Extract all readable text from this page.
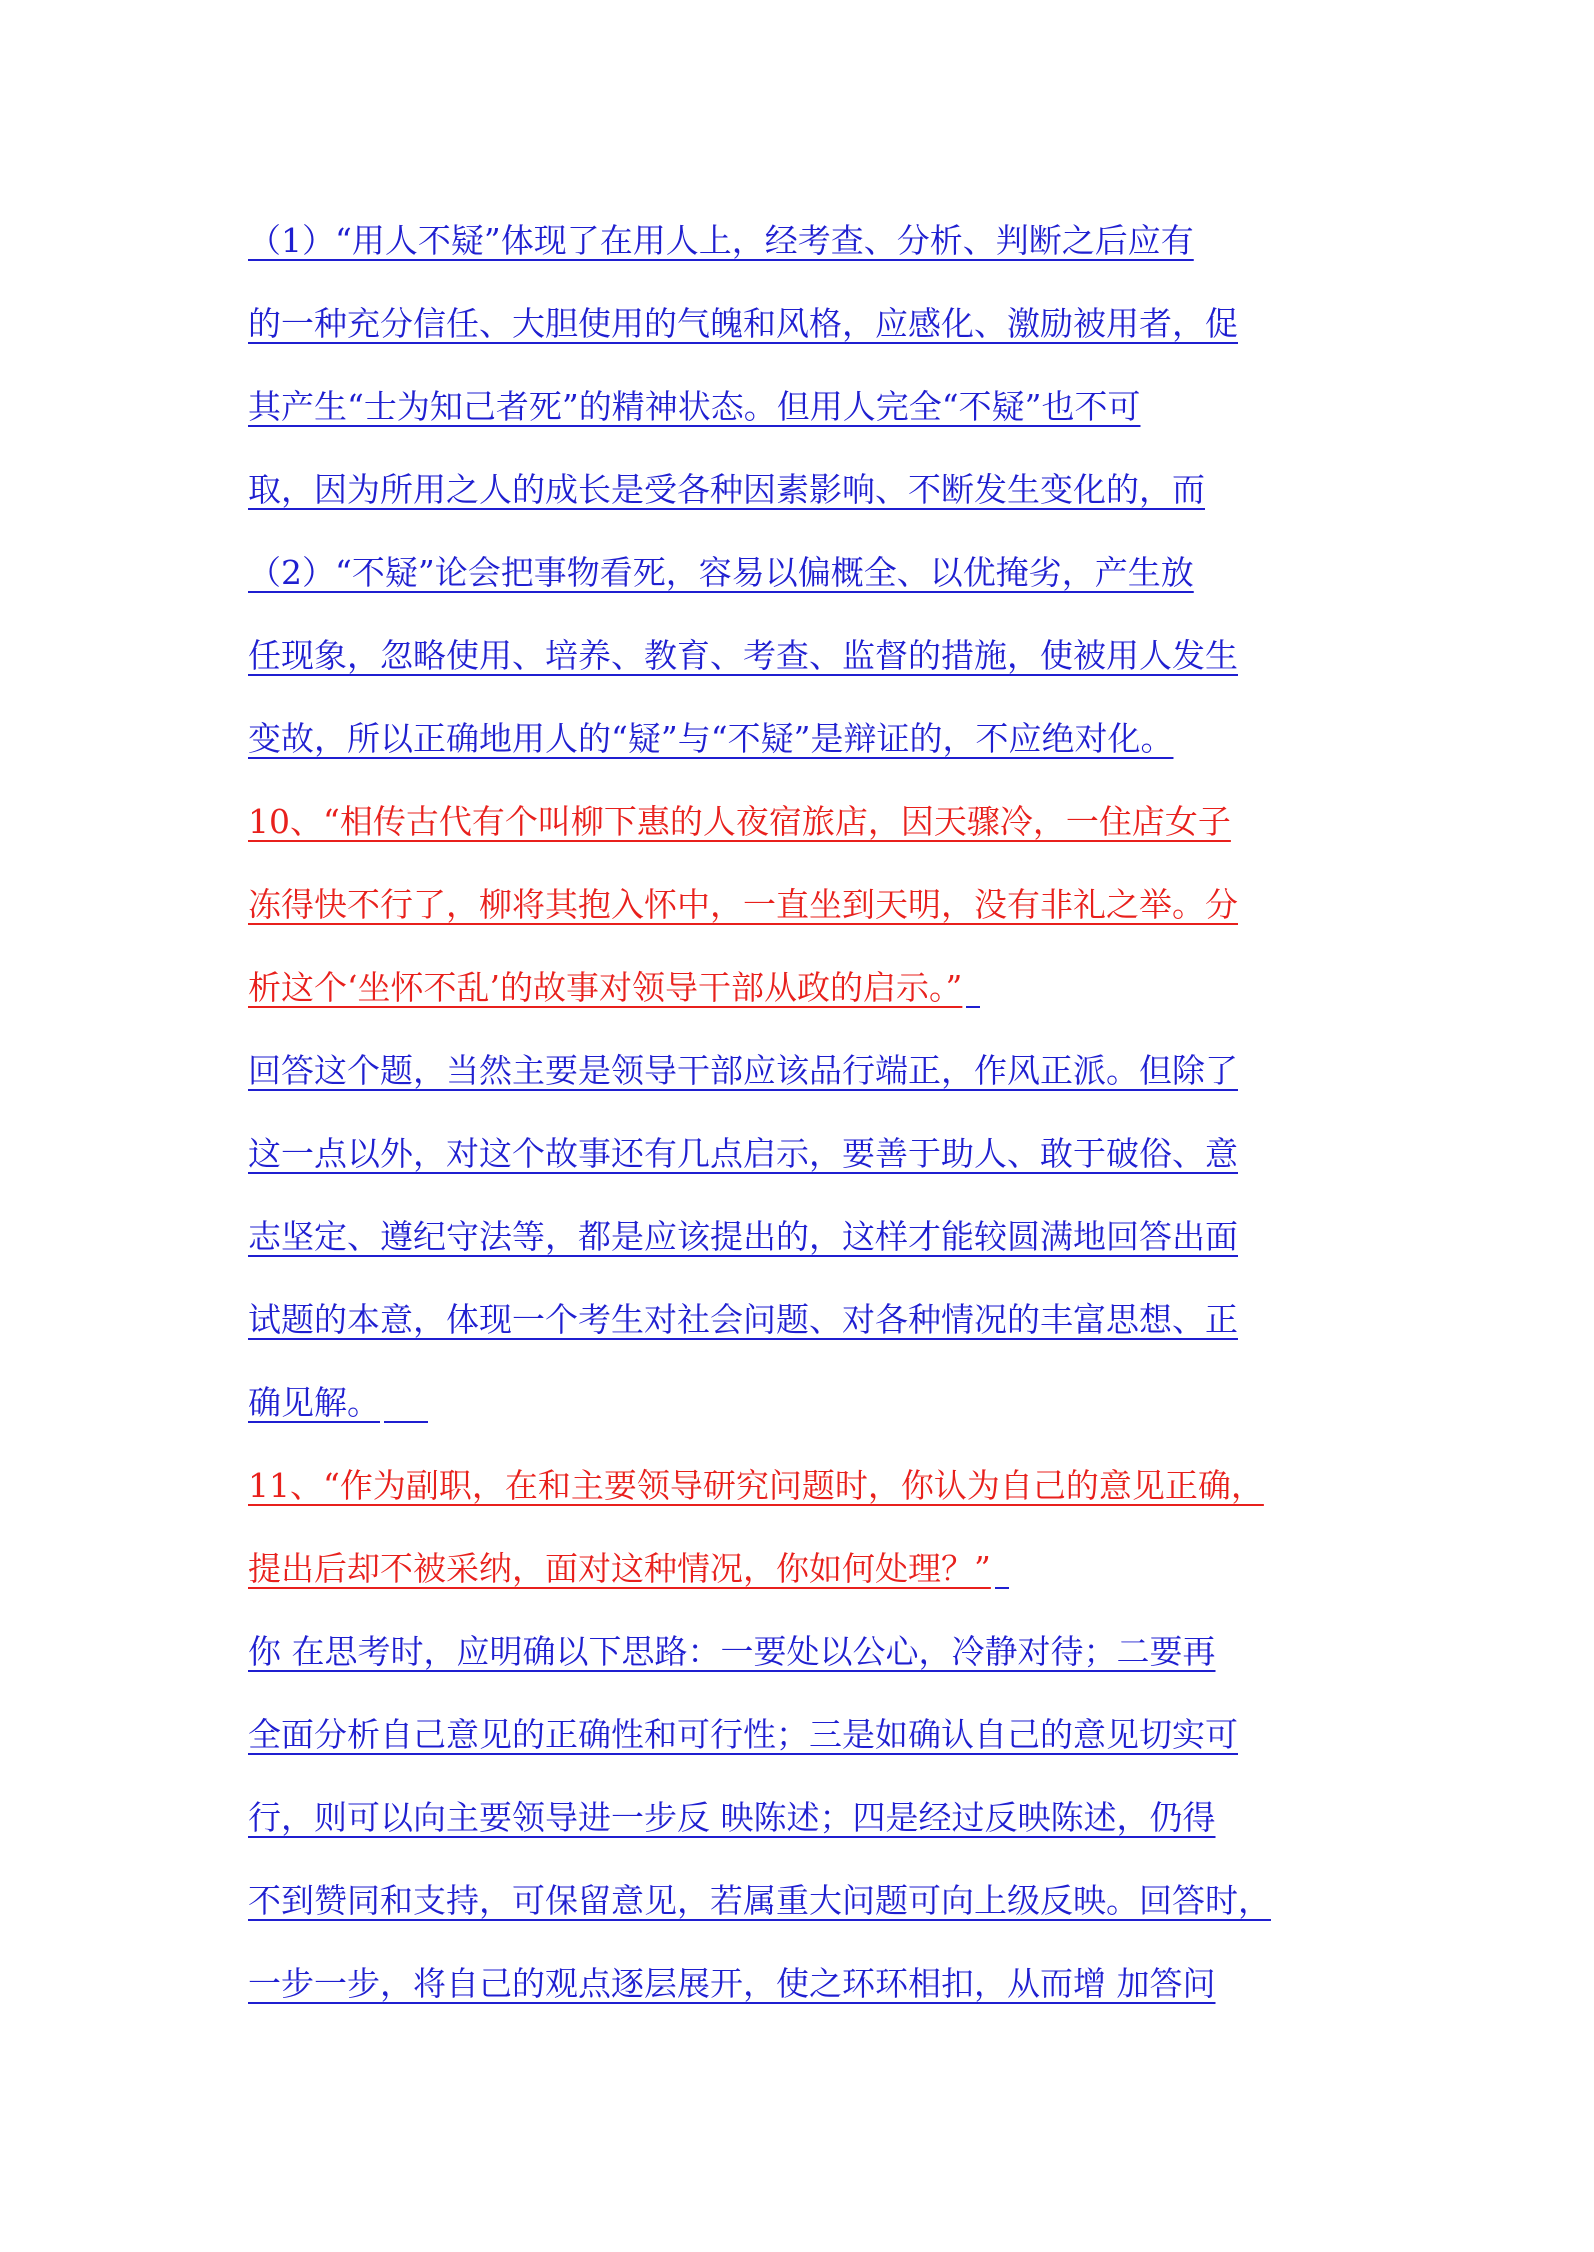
（1）“用人不疑”体现了在用人上，经考查、分析、判断之后应有
的一种充分信任、大胆使用的气魄和风格，应感化、激励被用者，促
其产生“士为知己者死”的精神状态。但用人完全“不疑”也不可
取，因为所用之人的成长是受各种因素影响、不断发生变化的，而
（2）“不疑”论会把事物看死，容易以偏概全、以优掩劣，产生放
任现象，忽略使用、培养、教育、考查、监督的措施，使被用人发生
变故，所以正确地用人的“疑”与“不疑”是辩证的，不应绝对化。
10、“相传古代有个叫柳下惠的人夜宿旅店，因天骤冷，一住店女子
冻得快不行了，柳将其抱入怀中，一直坐到天明，没有非礼之举。分
析这个‘坐怀不乱’的故事对领导干部从政的启示。”
回答这个题，当然主要是领导干部应该品行端正，作风正派。但除了
这一点以外，对这个故事还有几点启示，要善于助人、敢于破俗、意
志坚定、遵纪守法等，都是应该提出的，这样才能较圆满地回答出面
试题的本意，体现一个考生对社会问题、对各种情况的丰富思想、正
确见解。
11、“作为副职，在和主要领导研究问题时，你认为自己的意见正确，
提出后却不被采纳，面对这种情况，你如何处理？”
你 在思考时，应明确以下思路：一要处以公心，冷静对待；二要再
全面分析自己意见的正确性和可行性；三是如确认自己的意见切实可
行，则可以向主要领导进一步反 映陈述；四是经过反映陈述，仍得
不到赞同和支持，可保留意见，若属重大问题可向上级反映。回答时，
一步一步，将自己的观点逐层展开，使之环环相扣，从而增 加答问
